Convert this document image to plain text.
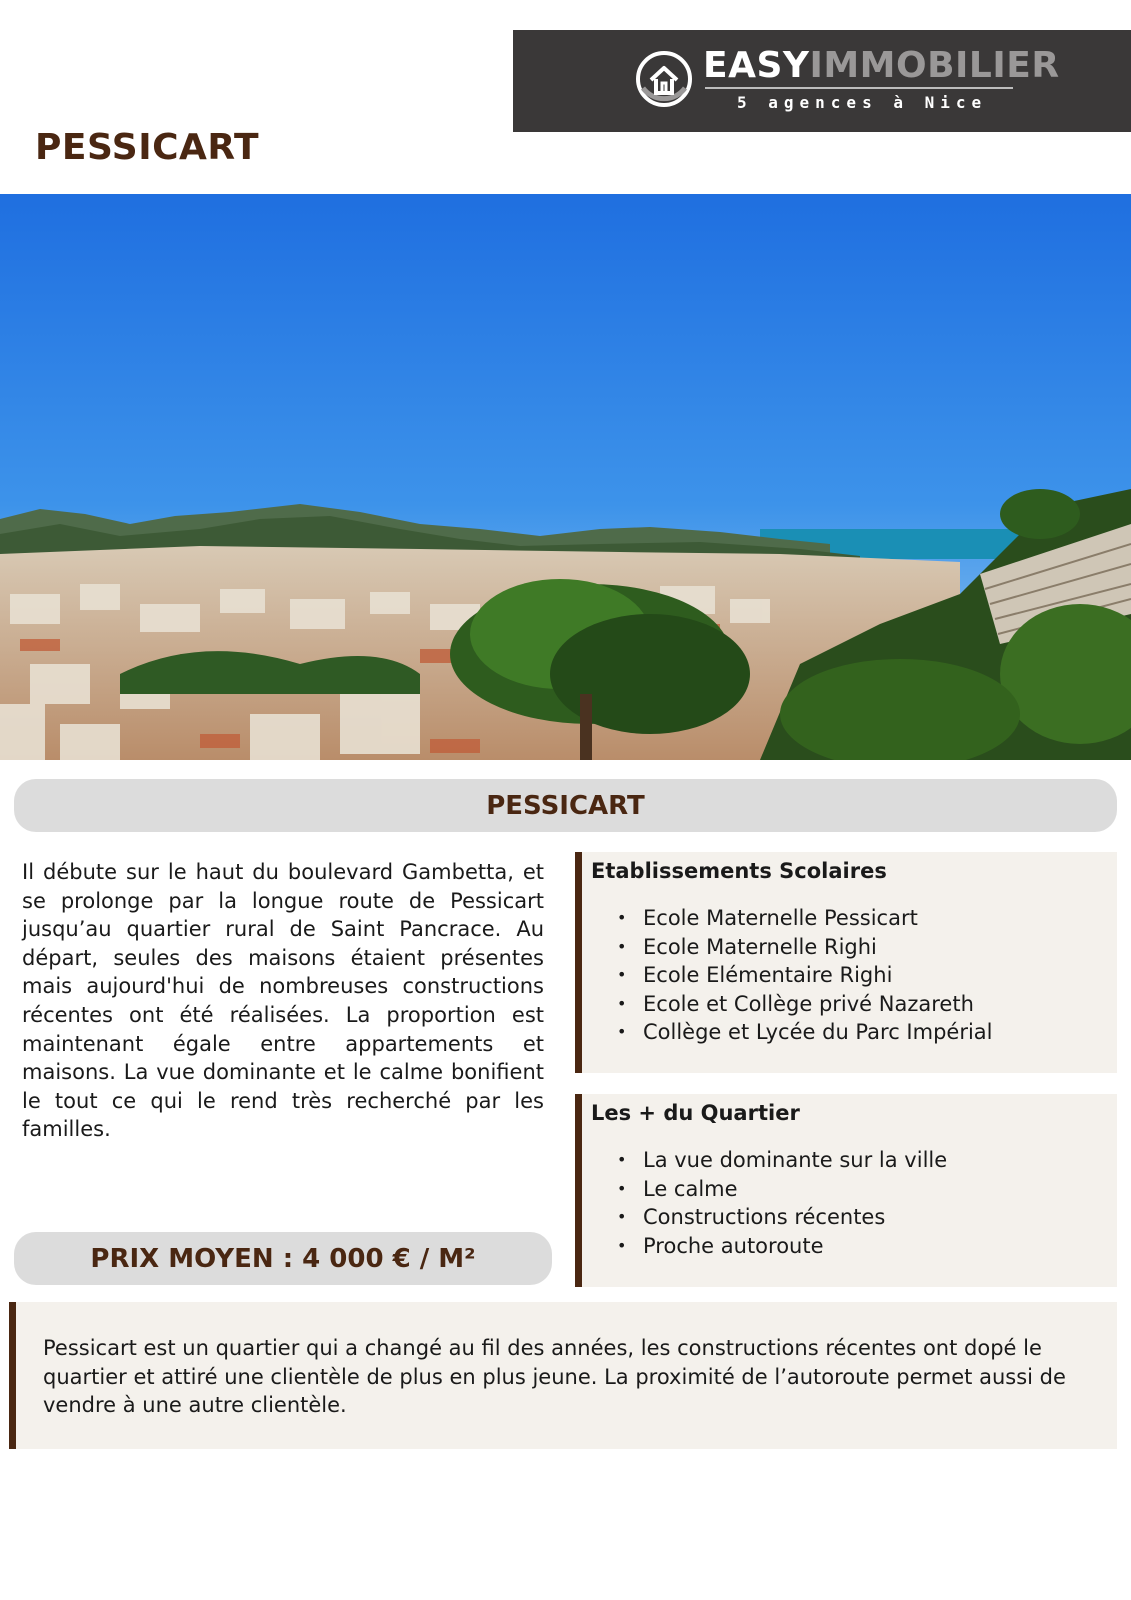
EASYIMMOBILIER
5 agences à Nice
PESSICART
PESSICART

Il débute sur le haut du boulevard Gambetta, et se prolonge par la longue route de Pessicart jusqu’au quartier rural de Saint Pancrace. Au départ, seules des maisons étaient présentes mais aujourd'hui de nombreuses constructions récentes ont été réalisées. La proportion est maintenant égale entre appartements et maisons. La vue dominante et le calme bonifient le tout ce qui le rend très recherché par les familles.

PRIX MOYEN : 4 000 € / M²
Etablissements Scolaires
• Ecole Maternelle Pessicart
• Ecole Maternelle Righi
• Ecole Elémentaire Righi
• Ecole et Collège privé Nazareth
• Collège et Lycée du Parc Impérial
Les + du Quartier
• La vue dominante sur la ville
• Le calme
• Constructions récentes
• Proche autoroute

Pessicart est un quartier qui a changé au fil des années, les constructions récentes ont dopé le quartier et attiré une clientèle de plus en plus jeune. La proximité de l’autoroute permet aussi de vendre à une autre clientèle.
